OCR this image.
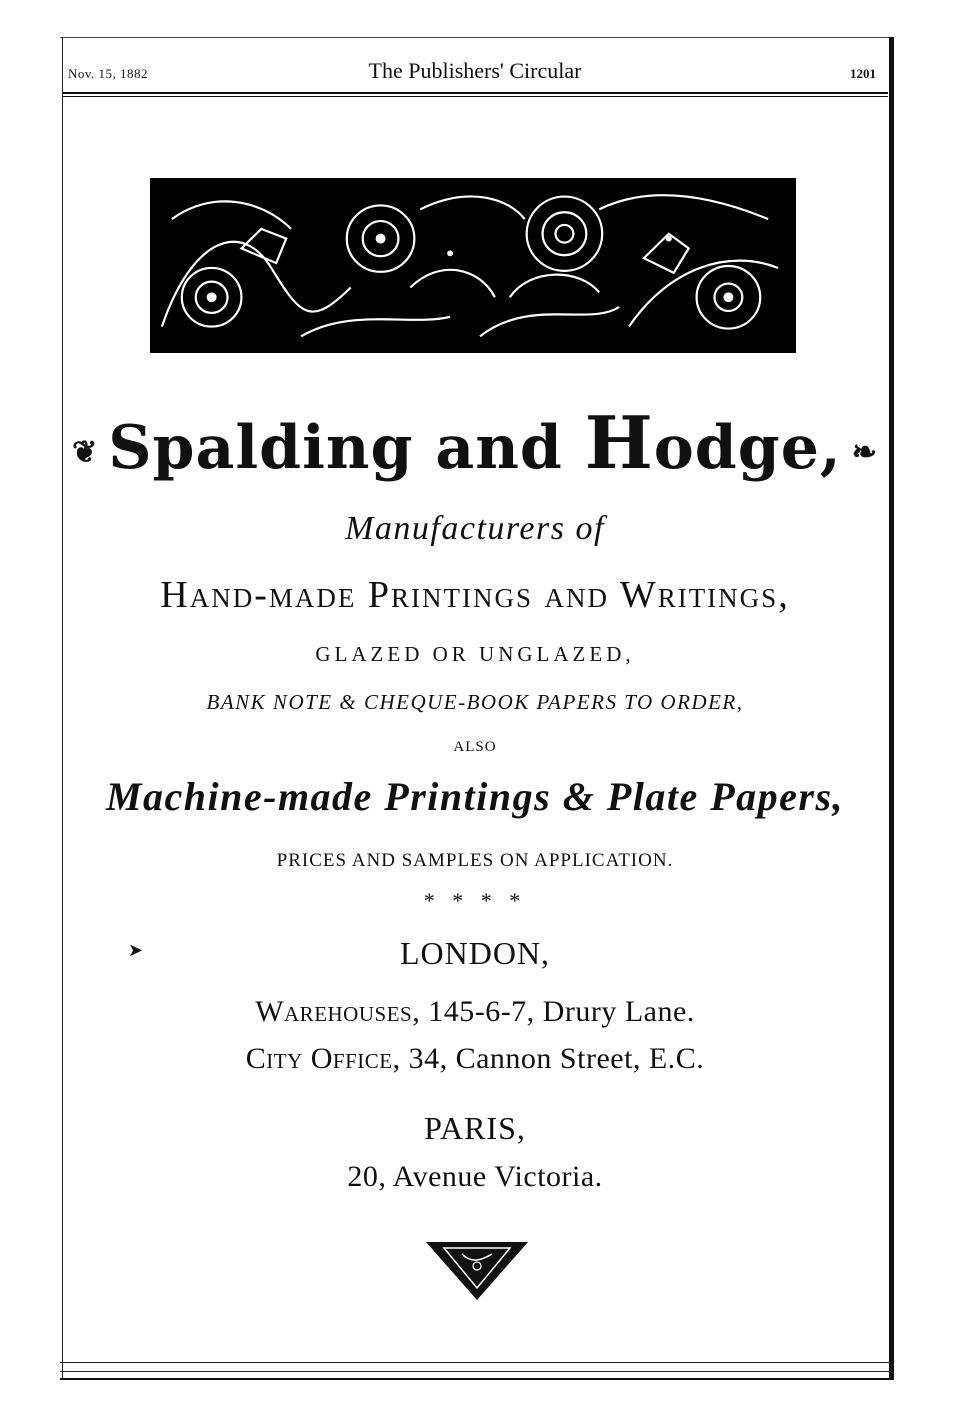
Nov. 15, 1882	The Publishers' Circular	1201
❦ Spalding and Hodge, ❧
Manufacturers of
Hand-made Printings and Writings,
GLAZED OR UNGLAZED,
BANK NOTE & CHEQUE-BOOK PAPERS TO ORDER,
ALSO
Machine-made Printings & Plate Papers,
PRICES AND SAMPLES ON APPLICATION.
* * * *
➤	LONDON,
Warehouses, 145-6-7, Drury Lane.
City Office, 34, Cannon Street, E.C.
PARIS,
20, Avenue Victoria.
